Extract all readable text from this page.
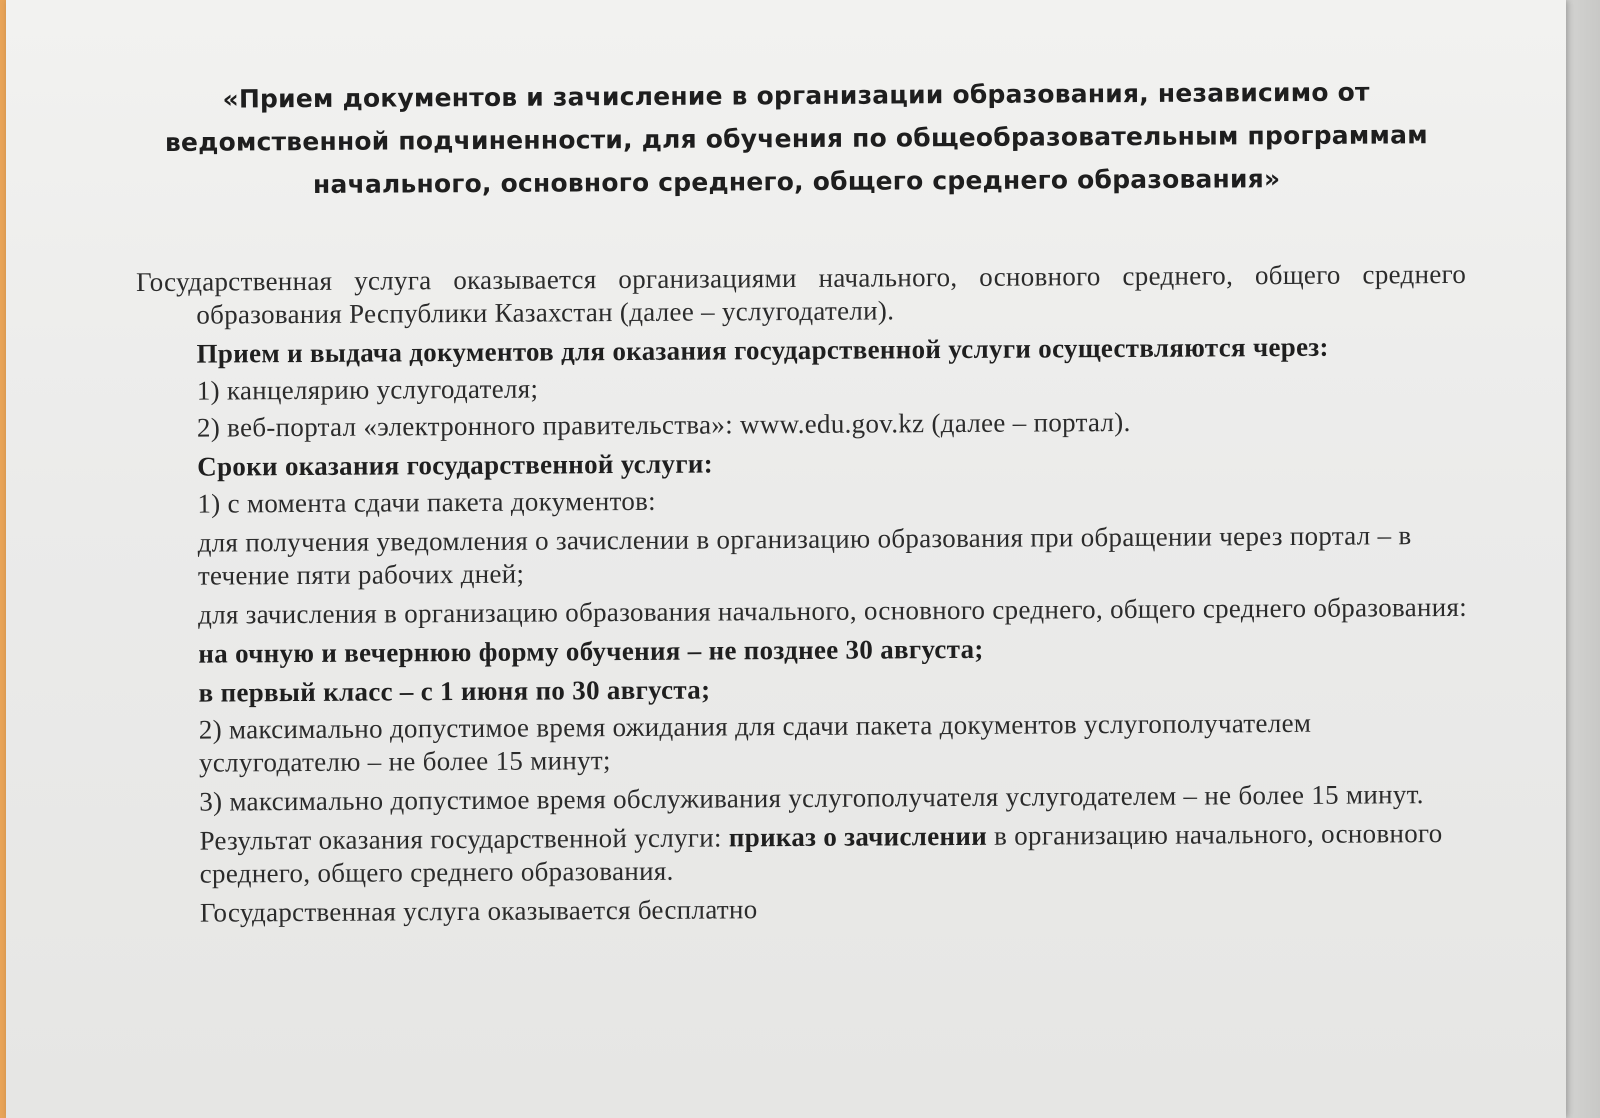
«Прием документов и зачисление в организации образования, независимо от ведомственной подчиненности, для обучения по общеобразовательным программам начального, основного среднего, общего среднего образования»
Государственная услуга оказывается организациями начального, основного среднего, общего среднего образования Республики Казахстан (далее – услугодатели).
Прием и выдача документов для оказания государственной услуги осуществляются через:
1) канцелярию услугодателя;
2) веб-портал «электронного правительства»: www.edu.gov.kz (далее – портал).
Сроки оказания государственной услуги:
1) с момента сдачи пакета документов:
для получения уведомления о зачислении в организацию образования при обращении через портал – в течение пяти рабочих дней;
для зачисления в организацию образования начального, основного среднего, общего среднего образования:
на очную и вечернюю форму обучения – не позднее 30 августа;
в первый класс – с 1 июня по 30 августа;
2) максимально допустимое время ожидания для сдачи пакета документов услугополучателем услугодателю – не более 15 минут;
3) максимально допустимое время обслуживания услугополучателя услугодателем – не более 15 минут.
Результат оказания государственной услуги: приказ о зачислении в организацию начального, основного среднего, общего среднего образования.
Государственная услуга оказывается бесплатно
